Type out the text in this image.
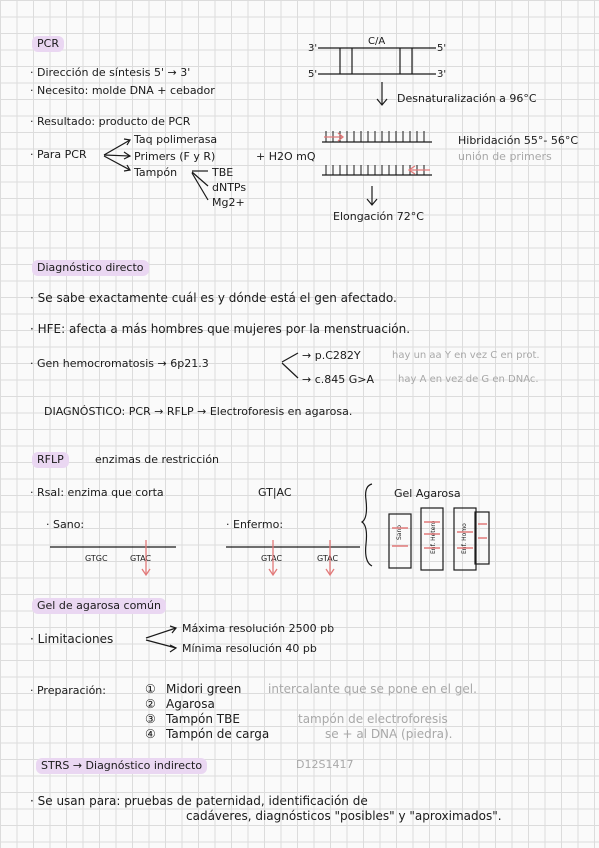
PCR
· Dirección de síntesis 5' → 3'
· Necesito: molde DNA + cebador
· Resultado: producto de PCR
· Para PCR
Taq polimerasa
Primers (F y R)	+ H2O mQ
Tampón	TBE
dNTPs
Mg2+
C/A
3'	5'
5'	3'
Desnaturalización a 96°C
Hibridación 55°- 56°C
unión de primers
Elongación 72°C
Diagnóstico directo
· Se sabe exactamente cuál es y dónde está el gen afectado.
· HFE: afecta a más hombres que mujeres por la menstruación.
· Gen hemocromatosis → 6p21.3
→ p.C282Y	hay un aa Y en vez C en prot.
→ c.845 G>A hay A en vez de G en DNAc.
DIAGNÓSTICO: PCR → RFLP → Electroforesis en agarosa.
RFLP	enzimas de restricción
· RsaI: enzima que corta	GT|AC	Gel Agarosa
· Sano:	· Enfermo:
GTGC	GTAC	GTAC	GTAC
Sano	Enf. Hetero	Enf. Homo
Gel de agarosa común
· Limitaciones
Máxima resolución 2500 pb
Mínima resolución 40 pb
· Preparación:	① Midori green intercalante que se pone en el gel.
② Agarosa
③ Tampón TBE	tampón de electroforesis
④ Tampón de carga	se + al DNA (piedra).
STRS → Diagnóstico indirecto	D12S1417
· Se usan para: pruebas de paternidad, identificación de
cadáveres, diagnósticos "posibles" y "aproximados".
